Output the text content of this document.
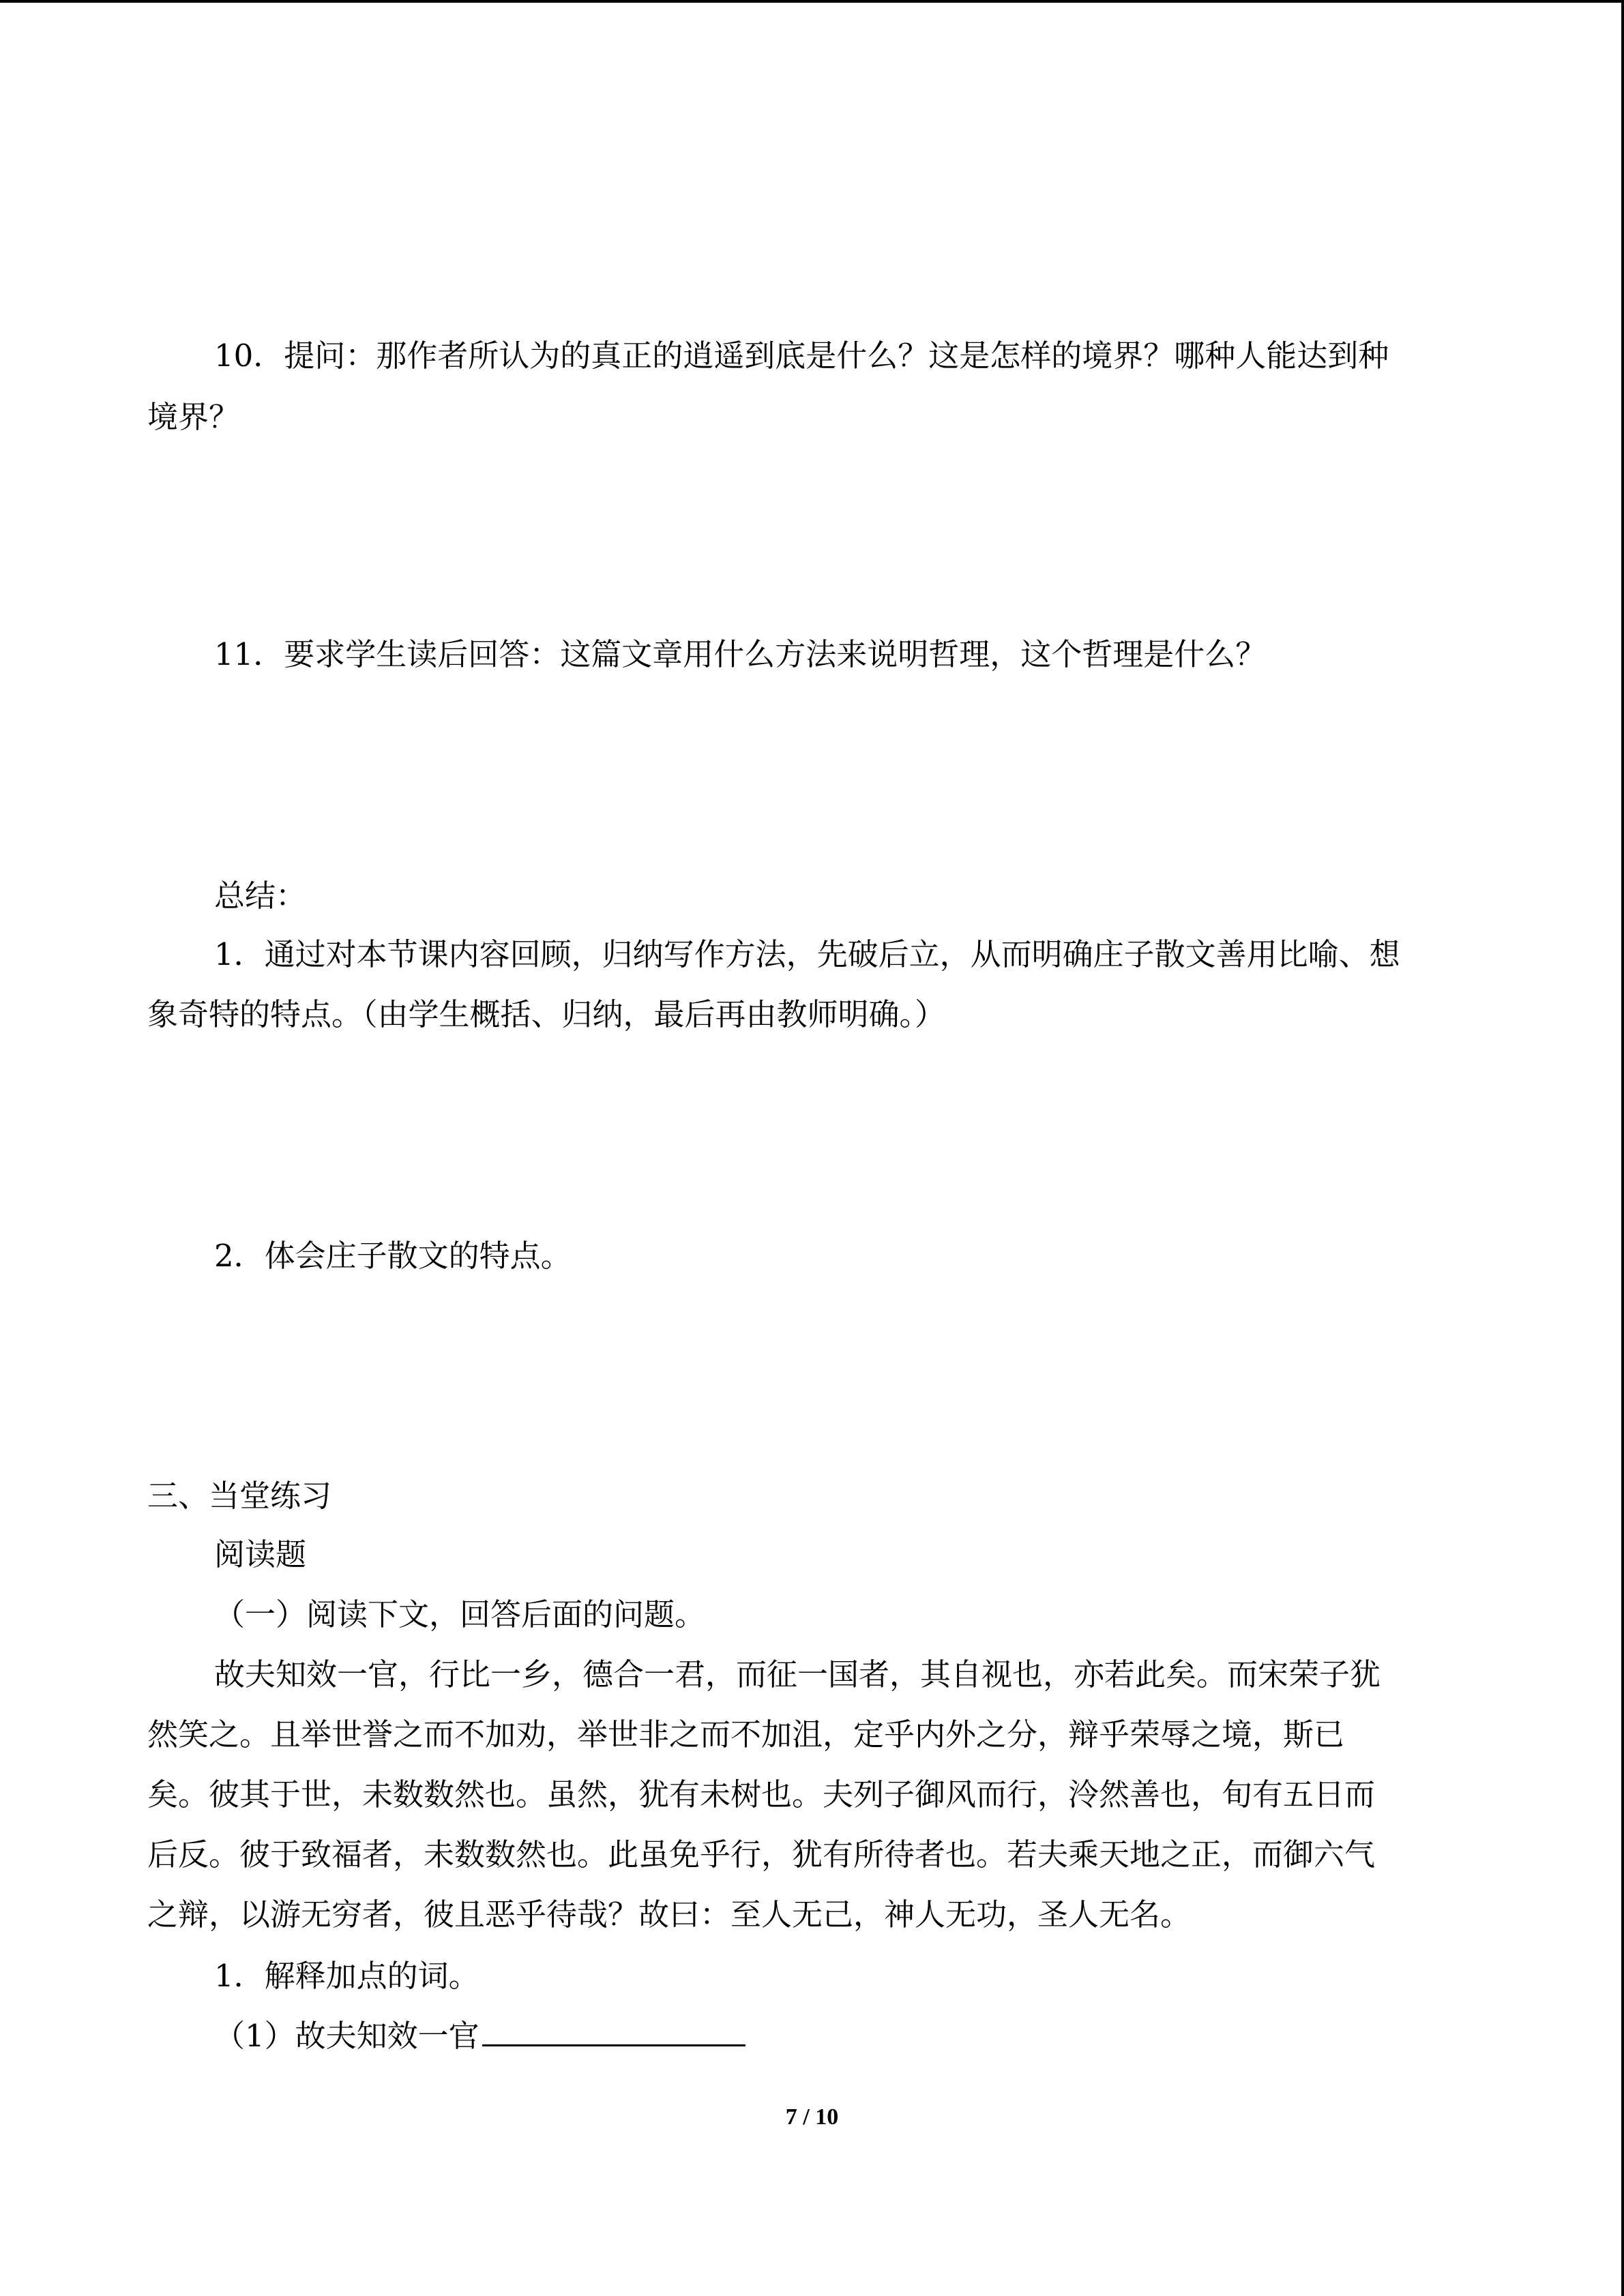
10．提问：那作者所认为的真正的逍遥到底是什么？这是怎样的境界？哪种人能达到种

境界？

11．要求学生读后回答：这篇文章用什么方法来说明哲理，这个哲理是什么？

总结：

1．通过对本节课内容回顾，归纳写作方法，先破后立，从而明确庄子散文善用比喻、想

象奇特的特点。（由学生概括、归纳，最后再由教师明确。）

2．体会庄子散文的特点。

三、当堂练习

阅读题

（一）阅读下文，回答后面的问题。

故夫知效一官，行比一乡，德合一君，而征一国者，其自视也，亦若此矣。而宋荣子犹

然笑之。且举世誉之而不加劝，举世非之而不加沮，定乎内外之分，辩乎荣辱之境，斯已

矣。彼其于世，未数数然也。虽然，犹有未树也。夫列子御风而行，泠然善也，旬有五日而

后反。彼于致福者，未数数然也。此虽免乎行，犹有所待者也。若夫乘天地之正，而御六气

之辩，以游无穷者，彼且恶乎待哉？故曰：至人无己，神人无功，圣人无名。

1．解释加点的词。

（1）故夫知效一官

7 / 10
